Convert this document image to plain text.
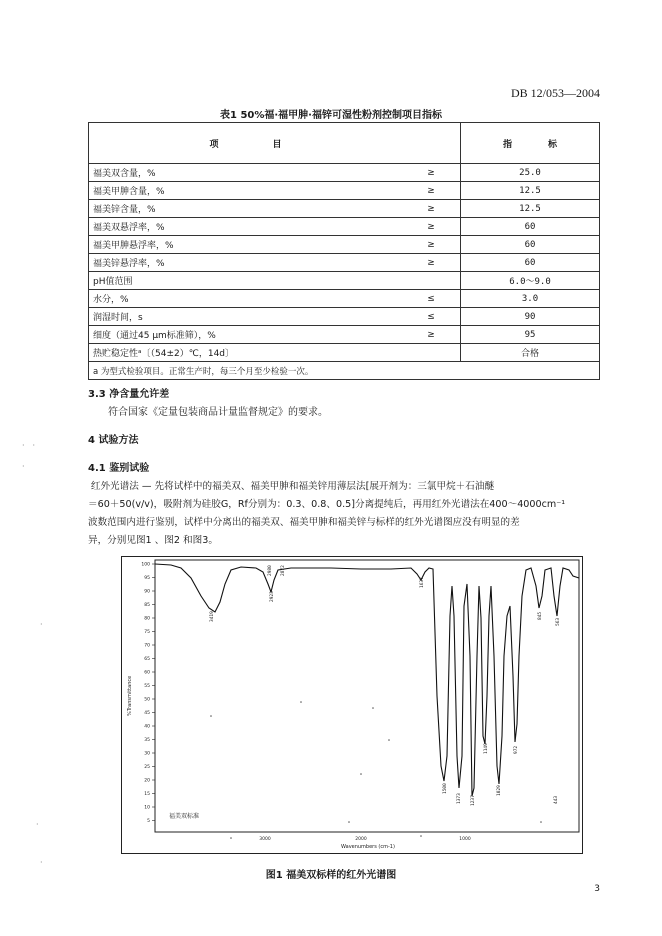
DB 12/053—2004
表1 50%福·福甲胂·福锌可湿性粉剂控制项目指标
项　　　　　　目		指　　　　标
福美双含量，%	≥	25.0
福美甲胂含量，%	≥	12.5
福美锌含量，%	≥	12.5
福美双悬浮率，%	≥	60
福美甲胂悬浮率，%	≥	60
福美锌悬浮率，%	≥	60
pH值范围		6.0～9.0
水分，%	≤	3.0
润湿时间，s	≤	90
细度（通过45 μm标准筛），%	≥	95
热贮稳定性ᵃ〔（54±2）℃，14d〕		合格
a 为型式检验项目。正常生产时，每三个月至少检验一次。		
3.3 净含量允许差
符合国家《定量包装商品计量监督规定》的要求。
4 试验方法
4.1 鉴别试验
红外光谱法 — 先将试样中的福美双、福美甲胂和福美锌用薄层法[展开剂为：三氯甲烷＋石油醚
＝60＋50(v/v)，吸附剂为硅胶G，Rf分别为：0.3、0.8、0.5]分离提纯后，再用红外光谱法在400～4000cm⁻¹
波数范围内进行鉴别，试样中分离出的福美双、福美甲胂和福美锌与标样的红外光谱图应没有明显的差
异，分别见图1 、图2 和图3。
100
95
90
85
80
75
70
65
60
55
50
45
40
35
30
25
20
15
10
5
3000	2000	1000
3419
2923
2980 2872
1637
1500
1373 1237
1149
1029
972
845
563
443
福美双标准
%Transmittance
Wavenumbers (cm-1)
图1 福美双标样的红外光谱图
3
·　·
·
·
·
·
